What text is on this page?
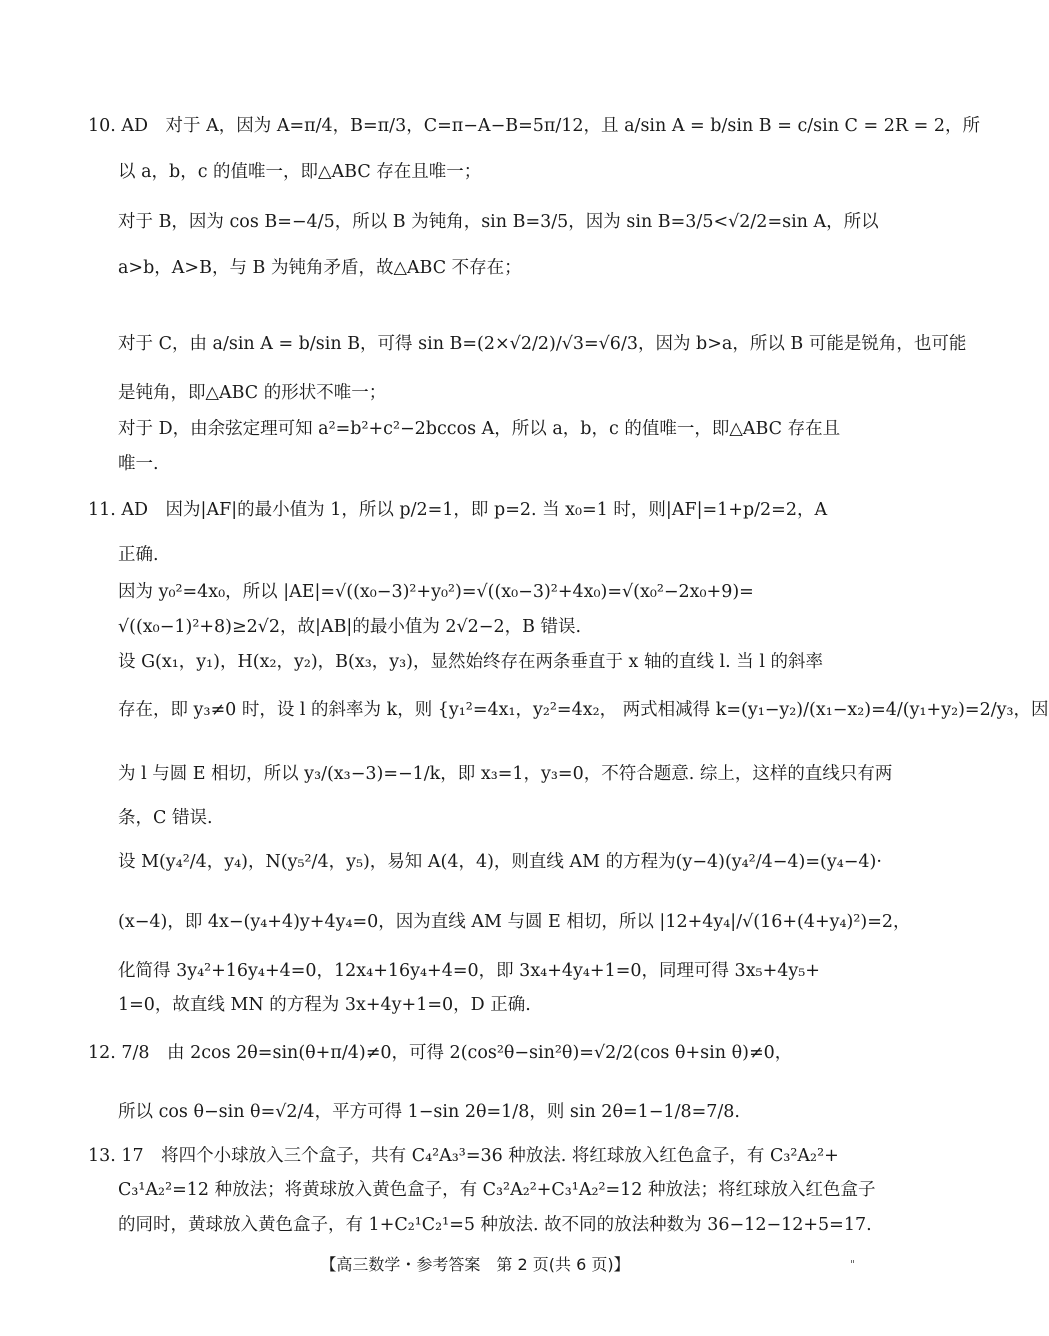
10. AD　对于 A，因为 A=π/4，B=π/3，C=π−A−B=5π/12，且 a/sin A = b/sin B = c/sin C = 2R = 2，所
以 a，b，c 的值唯一，即△ABC 存在且唯一；
对于 B，因为 cos B=−4/5，所以 B 为钝角，sin B=3/5，因为 sin B=3/5<√2/2=sin A，所以
a>b，A>B，与 B 为钝角矛盾，故△ABC 不存在；
对于 C，由 a/sin A = b/sin B，可得 sin B=(2×√2/2)/√3=√6/3，因为 b>a，所以 B 可能是锐角，也可能
是钝角，即△ABC 的形状不唯一；
对于 D，由余弦定理可知 a²=b²+c²−2bccos A，所以 a，b，c 的值唯一，即△ABC 存在且
唯一.
11. AD　因为|AF|的最小值为 1，所以 p/2=1，即 p=2. 当 x₀=1 时，则|AF|=1+p/2=2，A
正确.
因为 y₀²=4x₀，所以 |AE|=√((x₀−3)²+y₀²)=√((x₀−3)²+4x₀)=√(x₀²−2x₀+9)=
√((x₀−1)²+8)≥2√2，故|AB|的最小值为 2√2−2，B 错误.
设 G(x₁，y₁)，H(x₂，y₂)，B(x₃，y₃)，显然始终存在两条垂直于 x 轴的直线 l. 当 l 的斜率
存在，即 y₃≠0 时，设 l 的斜率为 k，则 {y₁²=4x₁，y₂²=4x₂， 两式相减得 k=(y₁−y₂)/(x₁−x₂)=4/(y₁+y₂)=2/y₃，因
为 l 与圆 E 相切，所以 y₃/(x₃−3)=−1/k，即 x₃=1，y₃=0，不符合题意. 综上，这样的直线只有两
条，C 错误.
设 M(y₄²/4，y₄)，N(y₅²/4，y₅)，易知 A(4，4)，则直线 AM 的方程为(y−4)(y₄²/4−4)=(y₄−4)·
(x−4)，即 4x−(y₄+4)y+4y₄=0，因为直线 AM 与圆 E 相切，所以 |12+4y₄|/√(16+(4+y₄)²)=2，
化简得 3y₄²+16y₄+4=0，12x₄+16y₄+4=0，即 3x₄+4y₄+1=0，同理可得 3x₅+4y₅+
1=0，故直线 MN 的方程为 3x+4y+1=0，D 正确.
12. 7/8　由 2cos 2θ=sin(θ+π/4)≠0，可得 2(cos²θ−sin²θ)=√2/2(cos θ+sin θ)≠0，
所以 cos θ−sin θ=√2/4，平方可得 1−sin 2θ=1/8，则 sin 2θ=1−1/8=7/8.
13. 17　将四个小球放入三个盒子，共有 C₄²A₃³=36 种放法. 将红球放入红色盒子，有 C₃²A₂²+
C₃¹A₂²=12 种放法；将黄球放入黄色盒子，有 C₃²A₂²+C₃¹A₂²=12 种放法；将红球放入红色盒子
的同时，黄球放入黄色盒子，有 1+C₂¹C₂¹=5 种放法. 故不同的放法种数为 36−12−12+5=17.
【高三数学・参考答案　第 2 页(共 6 页)】	"
